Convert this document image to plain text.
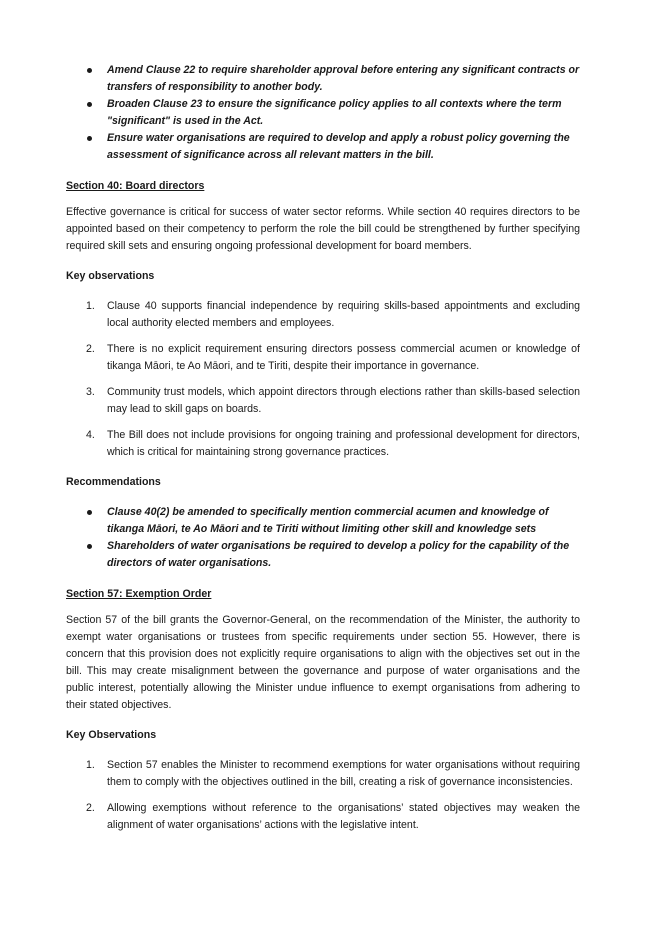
Amend Clause 22 to require shareholder approval before entering any significant contracts or transfers of responsibility to another body.
Broaden Clause 23 to ensure the significance policy applies to all contexts where the term "significant" is used in the Act.
Ensure water organisations are required to develop and apply a robust policy governing the assessment of significance across all relevant matters in the bill.

Section 40: Board directors

Effective governance is critical for success of water sector reforms. While section 40 requires directors to be appointed based on their competency to perform the role the bill could be strengthened by further specifying required skill sets and ensuring ongoing professional development for board members.

Key observations

1. Clause 40 supports financial independence by requiring skills-based appointments and excluding local authority elected members and employees.
2. There is no explicit requirement ensuring directors possess commercial acumen or knowledge of tikanga Māori, te Ao Māori, and te Tiriti, despite their importance in governance.
3. Community trust models, which appoint directors through elections rather than skills-based selection may lead to skill gaps on boards.
4. The Bill does not include provisions for ongoing training and professional development for directors, which is critical for maintaining strong governance practices.

Recommendations

Clause 40(2) be amended to specifically mention commercial acumen and knowledge of tikanga Māori, te Ao Māori and te Tiriti without limiting other skill and knowledge sets
Shareholders of water organisations be required to develop a policy for the capability of the directors of water organisations.

Section 57: Exemption Order

Section 57 of the bill grants the Governor-General, on the recommendation of the Minister, the authority to exempt water organisations or trustees from specific requirements under section 55. However, there is concern that this provision does not explicitly require organisations to align with the objectives set out in the bill. This may create misalignment between the governance and purpose of water organisations and the public interest, potentially allowing the Minister undue influence to exempt organisations from adhering to their stated objectives.

Key Observations

1. Section 57 enables the Minister to recommend exemptions for water organisations without requiring them to comply with the objectives outlined in the bill, creating a risk of governance inconsistencies.
2. Allowing exemptions without reference to the organisations’ stated objectives may weaken the alignment of water organisations’ actions with the legislative intent.
